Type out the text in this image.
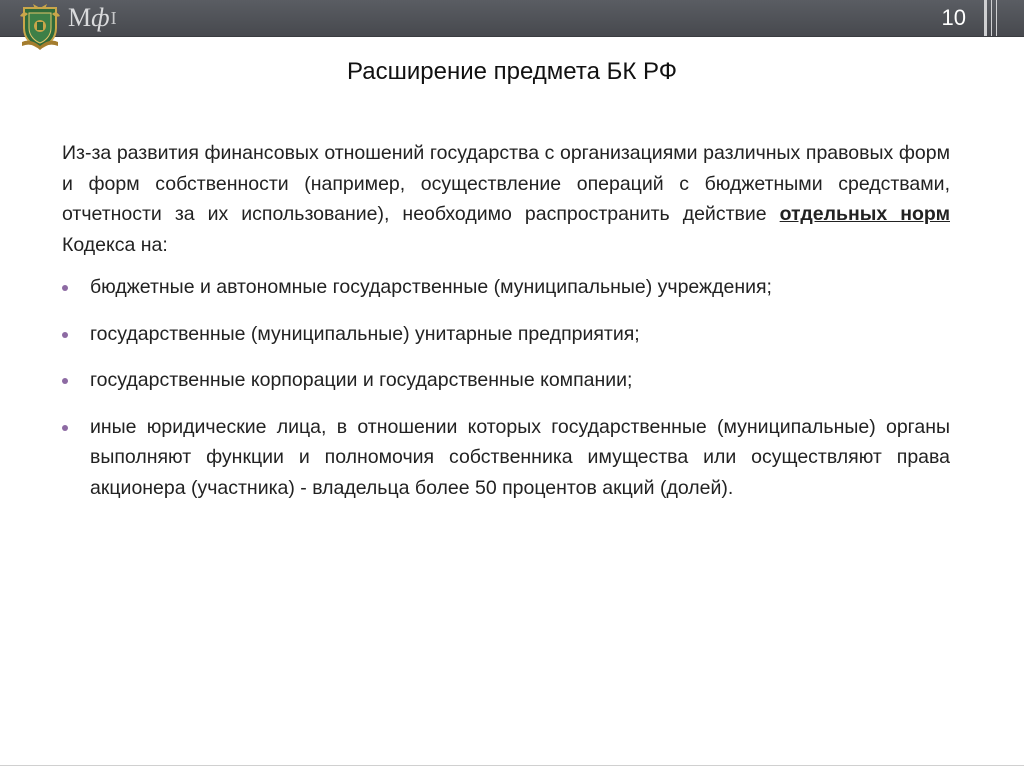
МфI	10
Расширение предмета БК РФ

Из-за развития финансовых отношений государства с организациями различных правовых форм и форм собственности (например, осуществление операций с бюджетными средствами, отчетности за их использование), необходимо распространить действие отдельных норм Кодекса на:

бюджетные и автономные государственные (муниципальные) учреждения;
государственные (муниципальные) унитарные предприятия;
государственные корпорации и государственные компании;
иные юридические лица, в отношении которых государственные (муниципальные) органы выполняют функции и полномочия собственника имущества или осуществляют права акционера (участника) - владельца более 50 процентов акций (долей).
